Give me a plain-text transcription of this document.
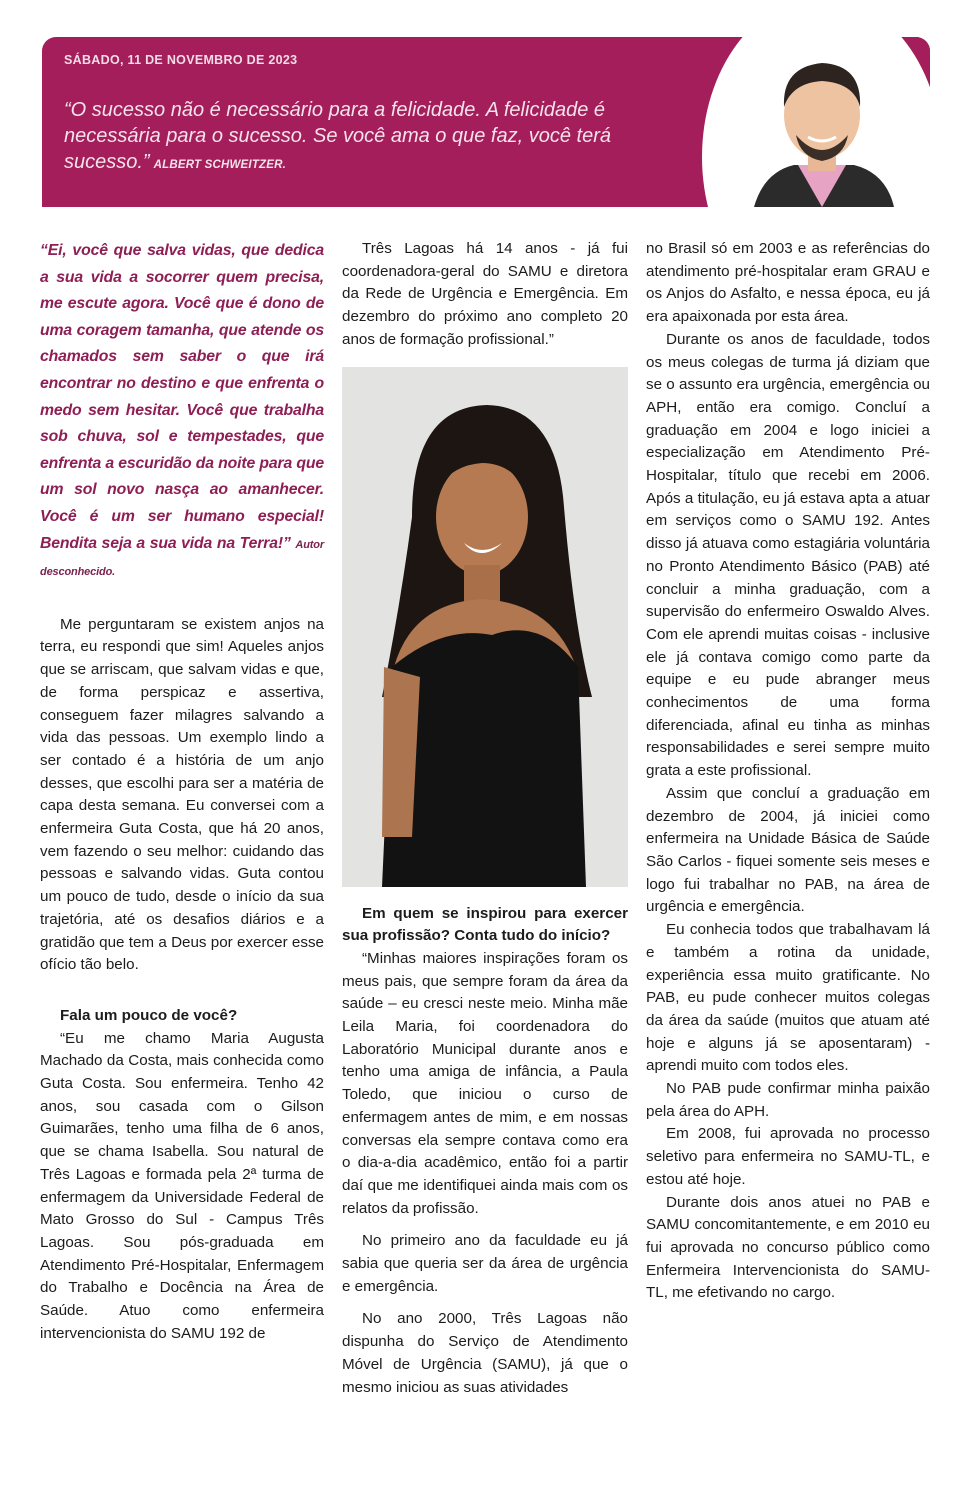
SÁBADO, 11 DE NOVEMBRO DE 2023
“O sucesso não é necessário para a felicidade. A felicidade é necessária para o sucesso. Se você ama o que faz, você terá sucesso.” ALBERT SCHWEITZER.

“Ei, você que salva vidas, que dedica a sua vida a socorrer quem precisa, me escute agora. Você que é dono de uma coragem tamanha, que atende os chamados sem saber o que irá encontrar no destino e que enfrenta o medo sem hesitar. Você que trabalha sob chuva, sol e tempestades, que enfrenta a escuridão da noite para que um sol novo nasça ao amanhecer. Você é um ser humano especial! Bendita seja a sua vida na Terra!” Autor desconhecido.

Me perguntaram se existem anjos na terra, eu respondi que sim! Aqueles anjos que se arriscam, que salvam vidas e que, de forma perspicaz e assertiva, conseguem fazer milagres salvando a vida das pessoas. Um exemplo lindo a ser contado é a história de um anjo desses, que escolhi para ser a matéria de capa desta semana. Eu conversei com a enfermeira Guta Costa, que há 20 anos, vem fazendo o seu melhor: cuidando das pessoas e salvando vidas. Guta contou um pouco de tudo, desde o início da sua trajetória, até os desafios diários e a gratidão que tem a Deus por exercer esse ofício tão belo.

Fala um pouco de você?

“Eu me chamo Maria Augusta Machado da Costa, mais conhecida como Guta Costa. Sou enfermeira. Tenho 42 anos, sou casada com o Gilson Guimarães, tenho uma filha de 6 anos, que se chama Isabella. Sou natural de Três Lagoas e formada pela 2ª turma de enfermagem da Universidade Federal de Mato Grosso do Sul - Campus Três Lagoas. Sou pós-graduada em Atendimento Pré-Hospitalar, Enfermagem do Trabalho e Docência na Área de Saúde. Atuo como enfermeira intervencionista do SAMU 192 de

Três Lagoas há 14 anos - já fui coordenadora-geral do SAMU e diretora da Rede de Urgência e Emergência. Em dezembro do próximo ano completo 20 anos de formação profissional.”

Em quem se inspirou para exercer sua profissão? Conta tudo do início?

“Minhas maiores inspirações foram os meus pais, que sempre foram da área da saúde – eu cresci neste meio. Minha mãe Leila Maria, foi coordenadora do Laboratório Municipal durante anos e tenho uma amiga de infância, a Paula Toledo, que iniciou o curso de enfermagem antes de mim, e em nossas conversas ela sempre contava como era o dia-a-dia acadêmico, então foi a partir daí que me identifiquei ainda mais com os relatos da profissão.

No primeiro ano da faculdade eu já sabia que queria ser da área de urgência e emergência.

No ano 2000, Três Lagoas não dispunha do Serviço de Atendimento Móvel de Urgência (SAMU), já que o mesmo iniciou as suas atividades

no Brasil só em 2003 e as referências do atendimento pré-hospitalar eram GRAU e os Anjos do Asfalto, e nessa época, eu já era apaixonada por esta área.

Durante os anos de faculdade, todos os meus colegas de turma já diziam que se o assunto era urgência, emergência ou APH, então era comigo. Concluí a graduação em 2004 e logo iniciei a especialização em Atendimento Pré-Hospitalar, título que recebi em 2006. Após a titulação, eu já estava apta a atuar em serviços como o SAMU 192. Antes disso já atuava como estagiária voluntária no Pronto Atendimento Básico (PAB) até concluir a minha graduação, com a supervisão do enfermeiro Oswaldo Alves. Com ele aprendi muitas coisas - inclusive ele já contava comigo como parte da equipe e eu pude abranger meus conhecimentos de uma forma diferenciada, afinal eu tinha as minhas responsabilidades e serei sempre muito grata a este profissional.

Assim que concluí a graduação em dezembro de 2004, já iniciei como enfermeira na Unidade Básica de Saúde São Carlos - fiquei somente seis meses e logo fui trabalhar no PAB, na área de urgência e emergência.

Eu conhecia todos que trabalhavam lá e também a rotina da unidade, experiência essa muito gratificante. No PAB, eu pude conhecer muitos colegas da área da saúde (muitos que atuam até hoje e alguns já se aposentaram) - aprendi muito com todos eles.

No PAB pude confirmar minha paixão pela área do APH.

Em 2008, fui aprovada no processo seletivo para enfermeira no SAMU-TL, e estou até hoje.

Durante dois anos atuei no PAB e SAMU concomitantemente, e em 2010 eu fui aprovada no concurso público como Enfermeira Intervencionista do SAMU- TL, me efetivando no cargo.
